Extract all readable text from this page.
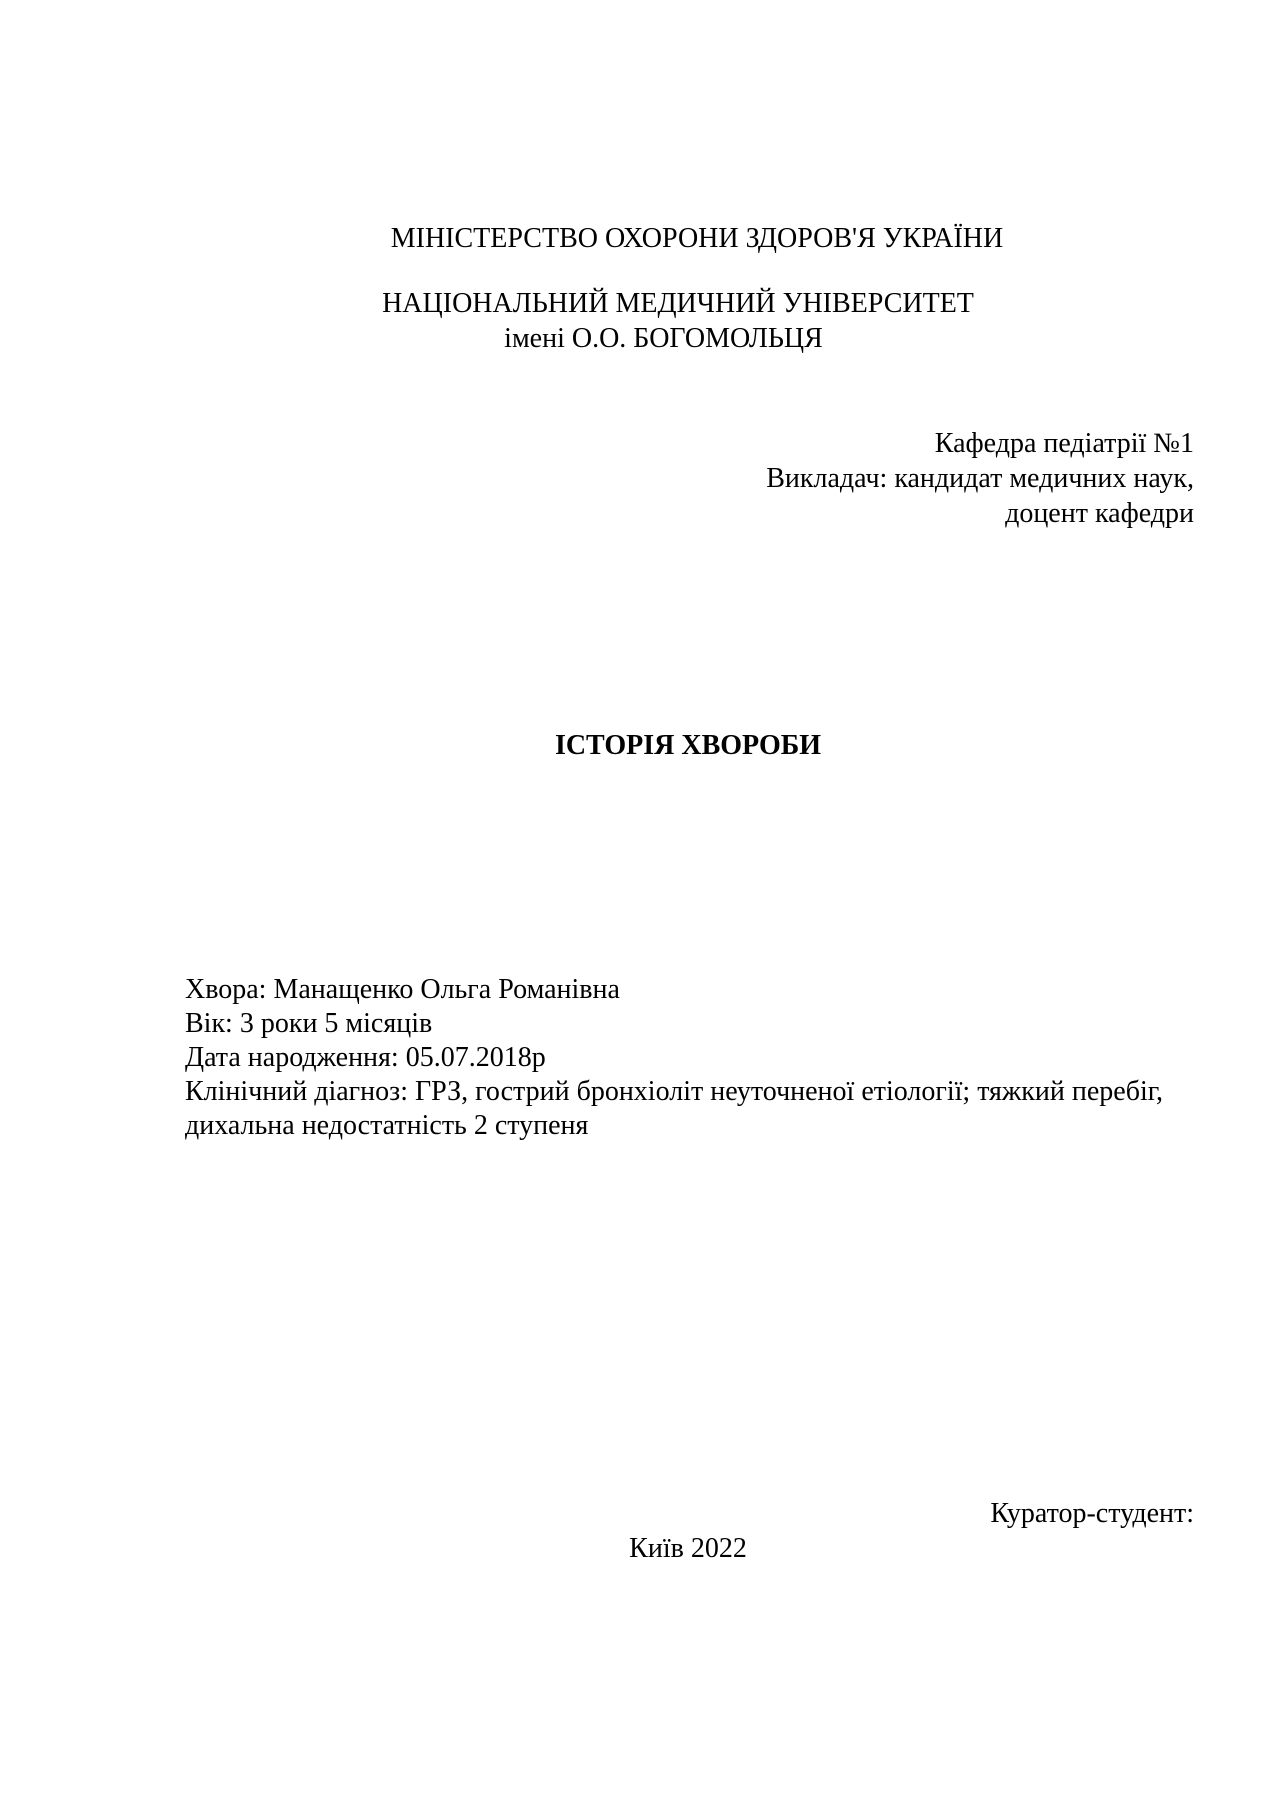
МІНІСТЕРСТВО ОХОРОНИ ЗДОРОВ'Я УКРАЇНИ
НАЦІОНАЛЬНИЙ МЕДИЧНИЙ УНІВЕРСИТЕТ
імені О.О. БОГОМОЛЬЦЯ
Кафедра педіатрії №1
Викладач: кандидат медичних наук,
доцент кафедри
ІСТОРІЯ ХВОРОБИ
Хвора: Манащенко Ольга Романівна
Вік: 3 роки 5 місяців
Дата народження: 05.07.2018р
Клінічний діагноз: ГРЗ, гострий бронхіоліт неуточненої етіології; тяжкий перебіг, дихальна недостатність 2 ступеня
Куратор-студент:
Київ 2022
